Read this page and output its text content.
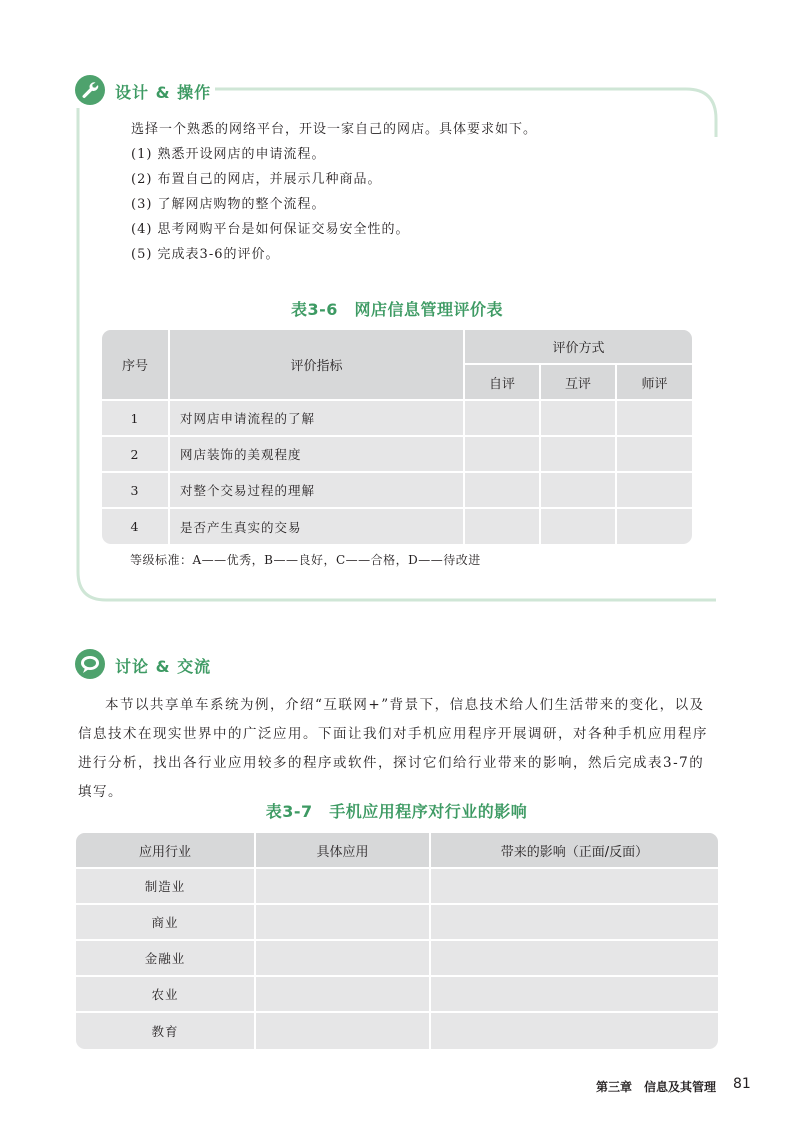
设计 & 操作
选择一个熟悉的网络平台，开设一家自己的网店。具体要求如下。
(1) 熟悉开设网店的申请流程。
(2) 布置自己的网店，并展示几种商品。
(3) 了解网店购物的整个流程。
(4) 思考网购平台是如何保证交易安全性的。
(5) 完成表3-6的评价。
表3-6　网店信息管理评价表
序号	评价指标	评价方式		
		自评	互评	师评
1	对网店申请流程的了解			
2	网店装饰的美观程度			
3	对整个交易过程的理解			
4	是否产生真实的交易			
等级标准：A——优秀，B——良好，C——合格，D——待改进
讨论 & 交流
本节以共享单车系统为例，介绍“互联网+”背景下，信息技术给人们生活带来的变化，以及信息技术在现实世界中的广泛应用。下面让我们对手机应用程序开展调研，对各种手机应用程序进行分析，找出各行业应用较多的程序或软件，探讨它们给行业带来的影响，然后完成表3-7的填写。
表3-7　手机应用程序对行业的影响
应用行业	具体应用	带来的影响（正面/反面）
制造业		
商业		
金融业		
农业		
教育		
第三章　信息及其管理 81
